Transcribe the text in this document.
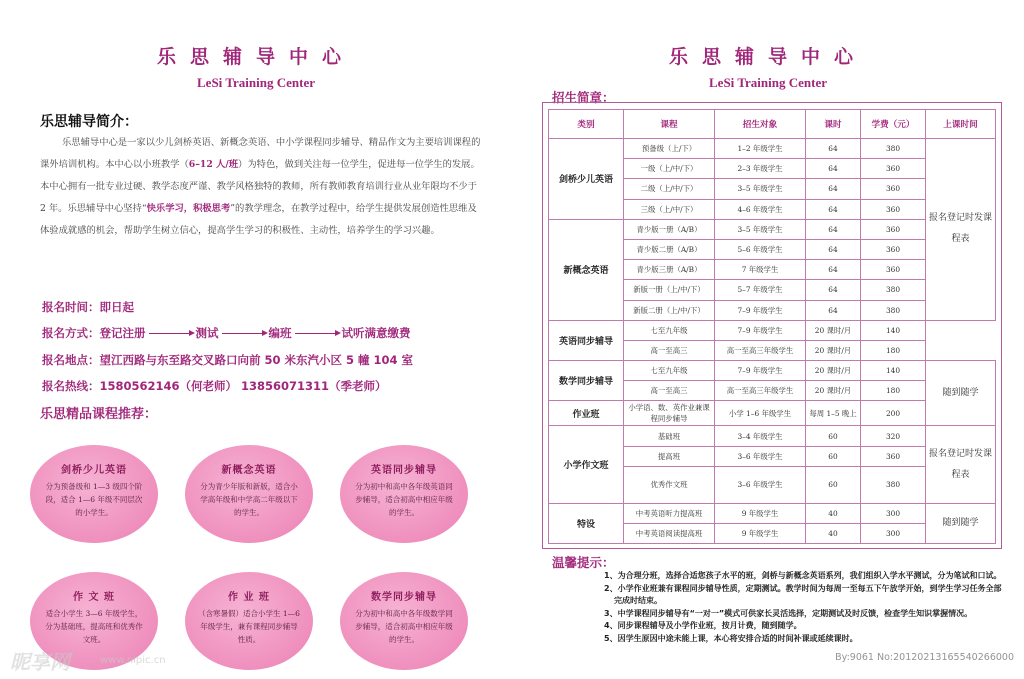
乐思辅导中心
LeSi Training Center
乐思辅导简介：
乐思辅导中心是一家以少儿剑桥英语、新概念英语、中小学课程同步辅导、精品作文为主要培训课程的课外培训机构。本中心以小班教学（6–12 人/班）为特色，做到关注每一位学生，促进每一位学生的发展。本中心拥有一批专业过硬、教学态度严谨、教学风格独特的教师，所有教师教育培训行业从业年限均不少于 2 年。乐思辅导中心坚持“快乐学习，积极思考”的教学理念，在教学过程中，给学生提供发展创造性思维及体验成就感的机会，帮助学生树立信心，提高学生学习的积极性、主动性，培养学生的学习兴趣。
报名时间：即日起
报名方式：登记注册	测试	编班	试听满意缴费
报名地点：望江西路与东至路交叉路口向前 50 米东汽小区 5 幢 104 室
报名热线：1580562146（何老师） 13856071311（季老师）
乐思精品课程推荐：
剑桥少儿英语
分为预备级和 1—3 级四个阶段，适合 1—6 年级不同层次的小学生。
新概念英语
分为青少年版和新版，适合小学高年级和中学高二年级以下的学生。
英语同步辅导
分为初中和高中各年级英语同步辅导，适合初高中相应年级的学生。
作 文 班
适合小学生 3—6 年级学生，分为基础班，提高班和优秀作文班。
作 业 班
（含寒暑假）适合小学生 1—6 年级学生，兼有课程同步辅导性质。
数学同步辅导
分为初中和高中各年级数学同步辅导，适合初高中相应年级的学生。
乐思辅导中心
LeSi Training Center
招生简章：
类别	课程	招生对象	课时	学费（元）	上课时间
剑桥少儿英语	预备级（上/下）	1–2 年级学生	64	380	报名登记时发课程表
	一级（上/中/下）	2–3 年级学生	64	360	
	二级（上/中/下）	3–5 年级学生	64	360	
	三级（上/中/下）	4–6 年级学生	64	360	
新概念英语	青少版一册（A/B）	3–5 年级学生	64	360	
	青少版二册（A/B）	5–6 年级学生	64	360	
	青少版三册（A/B）	7 年级学生	64	360	
	新版一册（上/中/下）	5–7 年级学生	64	380	
	新版二册（上/中/下）	7–9 年级学生	64	380	
英语同步辅导	七至九年级	7–9 年级学生	20 课时/月	140	
	高一至高三	高一至高三年级学生	20 课时/月	180	
数学同步辅导	七至九年级	7–9 年级学生	20 课时/月	140	随到随学
	高一至高三	高一至高三年级学生	20 课时/月	180	
作业班	小学语、数、英作业兼课程同步辅导	小学 1–6 年级学生	每周 1–5 晚上	200	
小学作文班	基础班	3–4 年级学生	60	320	报名登记时发课程表
	提高班	3–6 年级学生	60	360	
	优秀作文班	3–6 年级学生	60	380	
特设	中考英语听力提高班	9 年级学生	40	300	随到随学
	中考英语阅读提高班	9 年级学生	40	300	
温馨提示：
1、为合理分班，选择合适您孩子水平的班，剑桥与新概念英语系列，我们组织入学水平测试，分为笔试和口试。
2、小学作业班兼有课程同步辅导性质，定期测试。教学时间为每周一至每五下午放学开始，到学生学习任务全部完成时结束。
3、中学课程同步辅导有“一对一”模式可供家长灵活选择，定期测试及时反馈，检查学生知识掌握情况。
4、同步课程辅导及小学作业班，按月计费，随到随学。
5、因学生原因中途未能上课，本心将安排合适的时间补课或延续课时。
昵享网	www.nipic.cn	By:9061 No:20120213165540266000
